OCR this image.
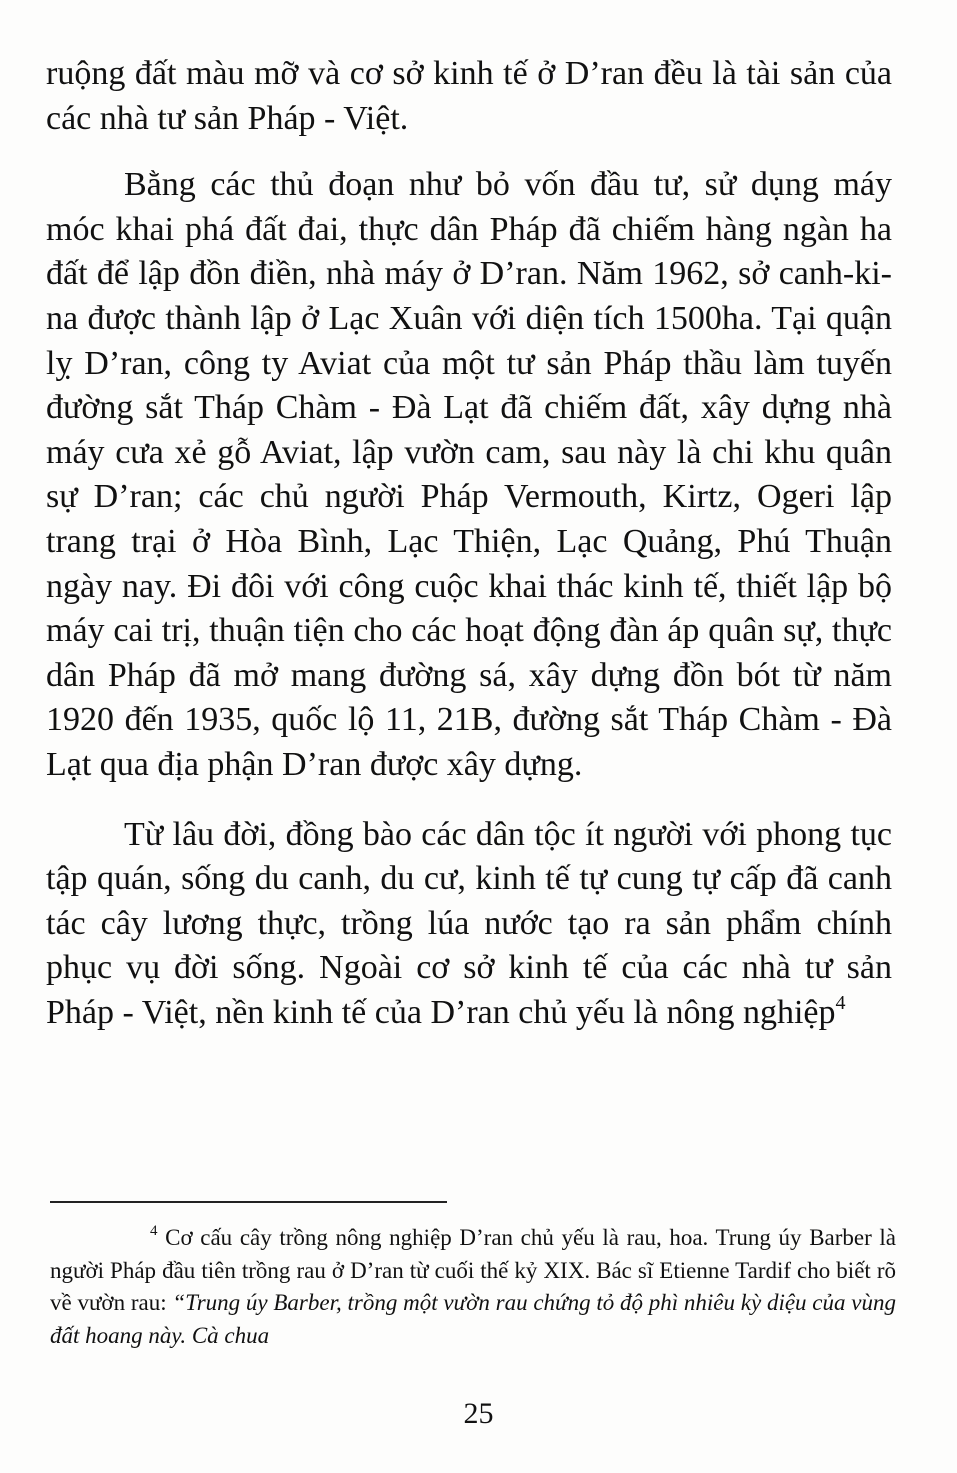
ruộng đất màu mỡ và cơ sở kinh tế ở D’ran đều là tài sản của các nhà tư sản Pháp - Việt.

Bằng các thủ đoạn như bỏ vốn đầu tư, sử dụng máy móc khai phá đất đai, thực dân Pháp đã chiếm hàng ngàn ha đất để lập đồn điền, nhà máy ở D’ran. Năm 1962, sở canh-ki-na được thành lập ở Lạc Xuân với diện tích 1500ha. Tại quận lỵ D’ran, công ty Aviat của một tư sản Pháp thầu làm tuyến đường sắt Tháp Chàm - Đà Lạt đã chiếm đất, xây dựng nhà máy cưa xẻ gỗ Aviat, lập vườn cam, sau này là chi khu quân sự D’ran; các chủ người Pháp Vermouth, Kirtz, Ogeri lập trang trại ở Hòa Bình, Lạc Thiện, Lạc Quảng, Phú Thuận ngày nay. Đi đôi với công cuộc khai thác kinh tế, thiết lập bộ máy cai trị, thuận tiện cho các hoạt động đàn áp quân sự, thực dân Pháp đã mở mang đường sá, xây dựng đồn bót từ năm 1920 đến 1935, quốc lộ 11, 21B, đường sắt Tháp Chàm - Đà Lạt qua địa phận D’ran được xây dựng.

Từ lâu đời, đồng bào các dân tộc ít người với phong tục tập quán, sống du canh, du cư, kinh tế tự cung tự cấp đã canh tác cây lương thực, trồng lúa nước tạo ra sản phẩm chính phục vụ đời sống. Ngoài cơ sở kinh tế của các nhà tư sản Pháp - Việt, nền kinh tế của D’ran chủ yếu là nông nghiệp$^4$

$^4$ Cơ cấu cây trồng nông nghiệp D’ran chủ yếu là rau, hoa. Trung úy Barber là người Pháp đầu tiên trồng rau ở D’ran từ cuối thế kỷ XIX. Bác sĩ Etienne Tardif cho biết rõ về vườn rau: “Trung úy Barber, trồng một vườn rau chứng tỏ độ phì nhiêu kỳ diệu của vùng đất hoang này. Cà chua

25
